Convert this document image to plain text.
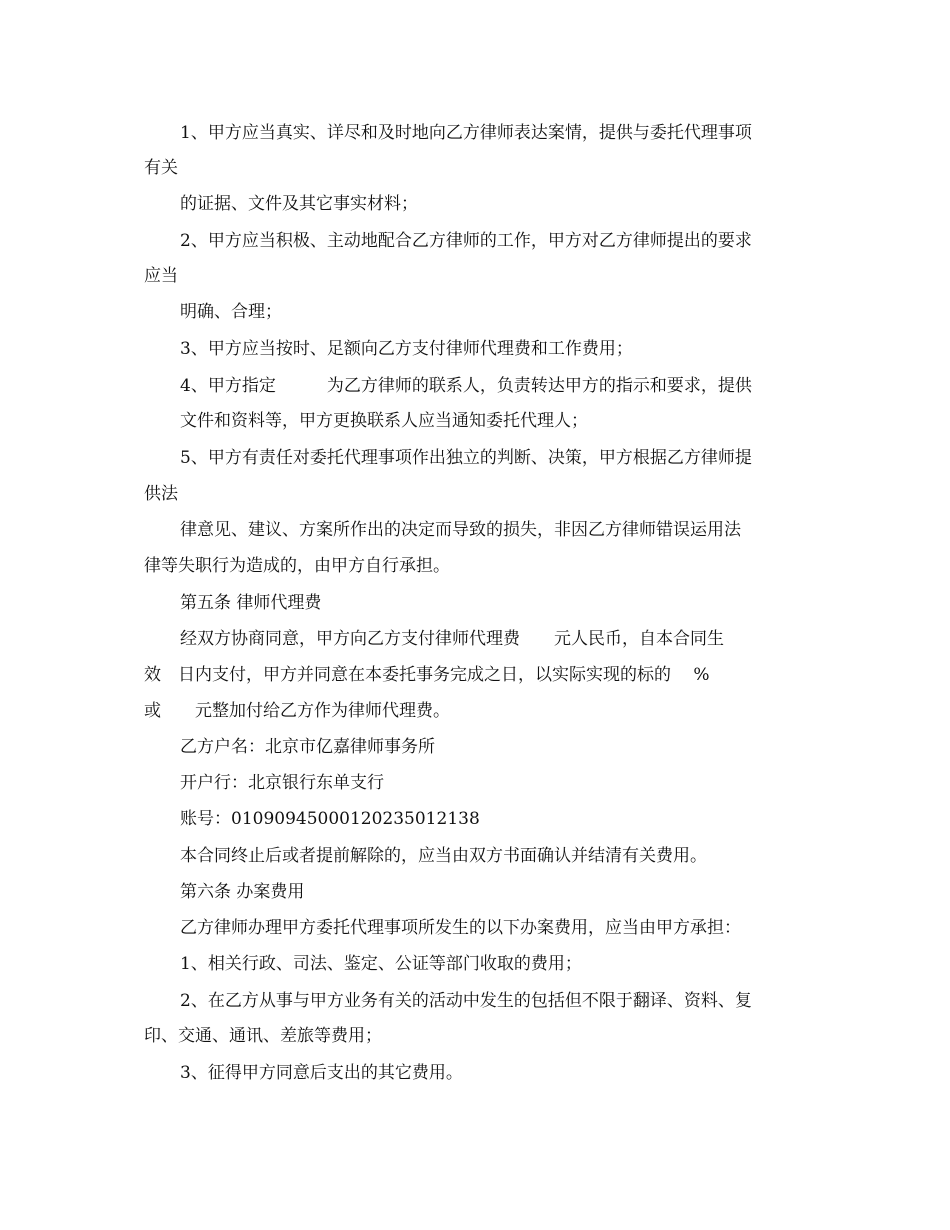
1、甲方应当真实、详尽和及时地向乙方律师表达案情，提供与委托代理事项
有关
的证据、文件及其它事实材料；
2、甲方应当积极、主动地配合乙方律师的工作，甲方对乙方律师提出的要求
应当
明确、合理；
3、甲方应当按时、足额向乙方支付律师代理费和工作费用；
4、甲方指定　　　为乙方律师的联系人，负责转达甲方的指示和要求，提供
文件和资料等，甲方更换联系人应当通知委托代理人；
5、甲方有责任对委托代理事项作出独立的判断、决策，甲方根据乙方律师提
供法
律意见、建议、方案所作出的决定而导致的损失，非因乙方律师错误运用法
律等失职行为造成的，由甲方自行承担。
第五条 律师代理费
经双方协商同意，甲方向乙方支付律师代理费　　元人民币，自本合同生
效　日内支付，甲方并同意在本委托事务完成之日，以实际实现的标的　 %
或　　元整加付给乙方作为律师代理费。
乙方户名：北京市亿嘉律师事务所
开户行：北京银行东单支行
账号：01090945000120235012138
本合同终止后或者提前解除的，应当由双方书面确认并结清有关费用。
第六条 办案费用
乙方律师办理甲方委托代理事项所发生的以下办案费用，应当由甲方承担：
1、相关行政、司法、鉴定、公证等部门收取的费用；
2、在乙方从事与甲方业务有关的活动中发生的包括但不限于翻译、资料、复
印、交通、通讯、差旅等费用；
3、征得甲方同意后支出的其它费用。
